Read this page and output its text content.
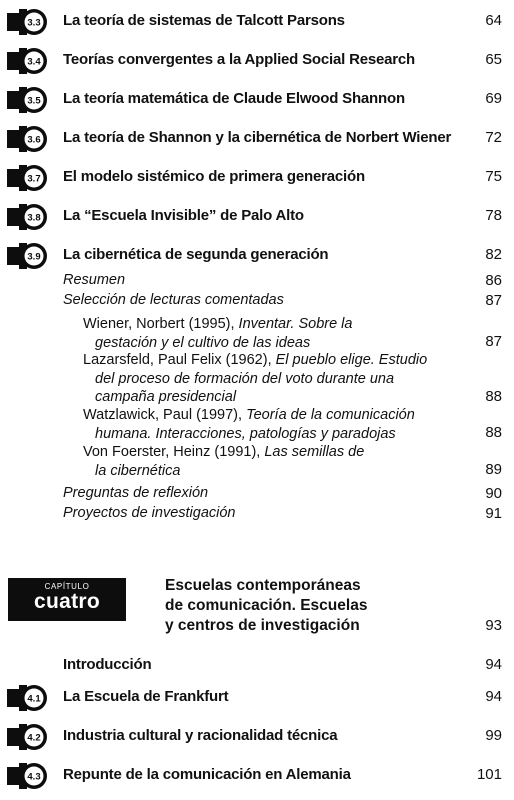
3.3 La teoría de sistemas de Talcott Parsons	64
3.4 Teorías convergentes a la Applied Social Research	65
3.5 La teoría matemática de Claude Elwood Shannon	69
3.6 La teoría de Shannon y la cibernética de Norbert Wiener 72
3.7 El modelo sistémico de primera generación	75
3.8 La “Escuela Invisible” de Palo Alto	78
3.9 La cibernética de segunda generación	82
Resumen	86
Selección de lecturas comentadas	87
Wiener, Norbert (1995), Inventar. Sobre la
gestación y el cultivo de las ideas	87
Lazarsfeld, Paul Felix (1962), El pueblo elige. Estudio
del proceso de formación del voto durante una
campaña presidencial	88
Watzlawick, Paul (1997), Teoría de la comunicación
humana. Interacciones, patologías y paradojas	88
Von Foerster, Heinz (1991), Las semillas de
la cibernética	89
Preguntas de reflexión	90
Proyectos de investigación	91
CAPÍTULO
cuatro
Escuelas contemporáneas
de comunicación. Escuelas
y centros de investigación	93
Introducción	94
4.1 La Escuela de Frankfurt	94
4.2 Industria cultural y racionalidad técnica	99
4.3 Repunte de la comunicación en Alemania	101
